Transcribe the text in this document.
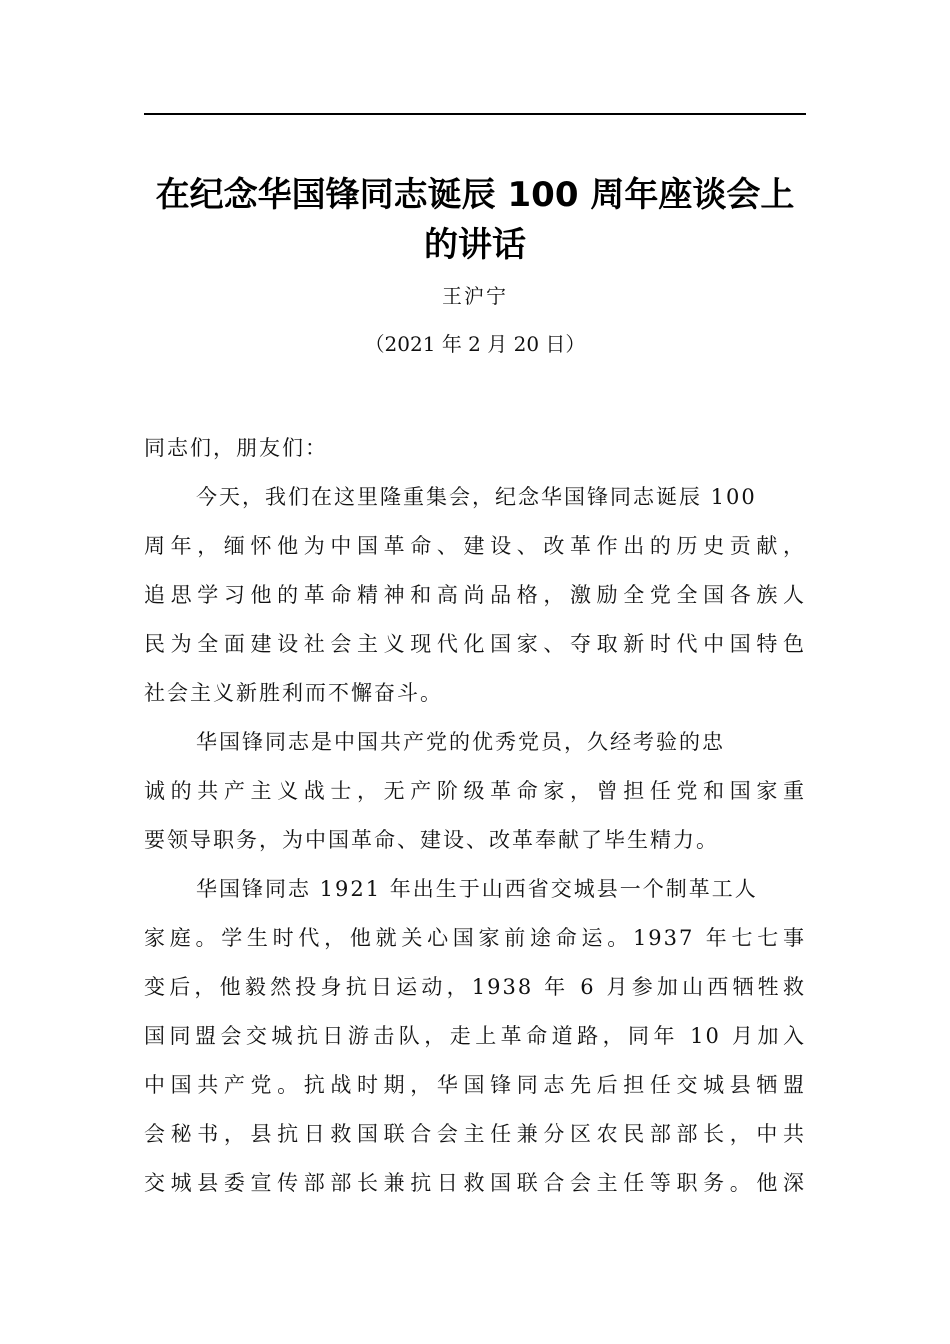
在纪念华国锋同志诞辰 100 周年座谈会上
的讲话
王沪宁
（2021 年 2 月 20 日）
同志们，朋友们：
今天，我们在这里隆重集会，纪念华国锋同志诞辰 100
周年，缅怀他为中国革命、建设、改革作出的历史贡献，
追思学习他的革命精神和高尚品格，激励全党全国各族人
民为全面建设社会主义现代化国家、夺取新时代中国特色
社会主义新胜利而不懈奋斗。
华国锋同志是中国共产党的优秀党员，久经考验的忠
诚的共产主义战士，无产阶级革命家，曾担任党和国家重
要领导职务，为中国革命、建设、改革奉献了毕生精力。
华国锋同志 1921 年出生于山西省交城县一个制革工人
家庭。学生时代，他就关心国家前途命运。1937 年七七事
变后，他毅然投身抗日运动，1938 年 6 月参加山西牺牲救
国同盟会交城抗日游击队，走上革命道路，同年 10 月加入
中国共产党。抗战时期，华国锋同志先后担任交城县牺盟
会秘书，县抗日救国联合会主任兼分区农民部部长，中共
交城县委宣传部部长兼抗日救国联合会主任等职务。他深
